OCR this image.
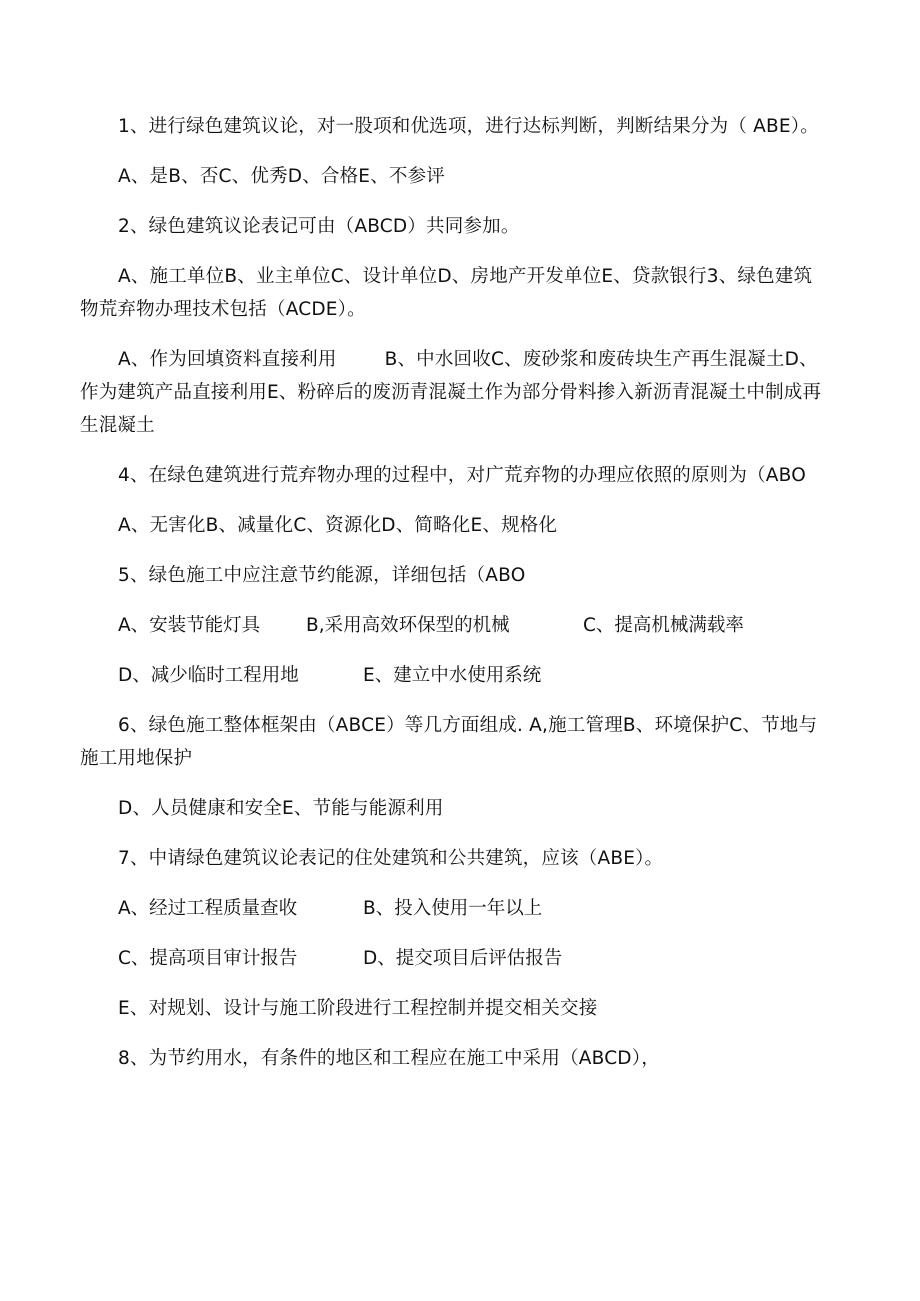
1、进行绿色建筑议论，对一股项和优选项，进行达标判断，判断结果分为（ ABE）。

A、是B、否C、优秀D、合格E、不参评

2、绿色建筑议论表记可由（ABCD）共同参加。

A、施工单位B、业主单位C、设计单位D、房地产开发单位E、贷款银行3、绿色建筑物荒弃物办理技术包括（ACDE）。

A、作为回填资料直接利用	B、中水回收C、废砂浆和废砖块生产再生混凝土D、作为建筑产品直接利用E、粉碎后的废沥青混凝土作为部分骨料掺入新沥青混凝土中制成再生混凝土

4、在绿色建筑进行荒弃物办理的过程中，对广荒弃物的办理应依照的原则为（ABO

A、无害化B、减量化C、资源化D、简略化E、规格化

5、绿色施工中应注意节约能源，详细包括（ABO

A、安装节能灯具	B,采用高效环保型的机械	C、提高机械满载率
D、减少临时工程用地	E、建立中水使用系统

6、绿色施工整体框架由（ABCE）等几方面组成. A,施工管理B、环境保护C、节地与施工用地保护

D、人员健康和安全E、节能与能源利用

7、中请绿色建筑议论表记的住处建筑和公共建筑，应该（ABE）。

A、经过工程质量查收	B、投入使用一年以上
C、提高项目审计报告	D、提交项目后评估报告

E、对规划、设计与施工阶段进行工程控制并提交相关交接

8、为节约用水，有条件的地区和工程应在施工中采用（ABCD），
